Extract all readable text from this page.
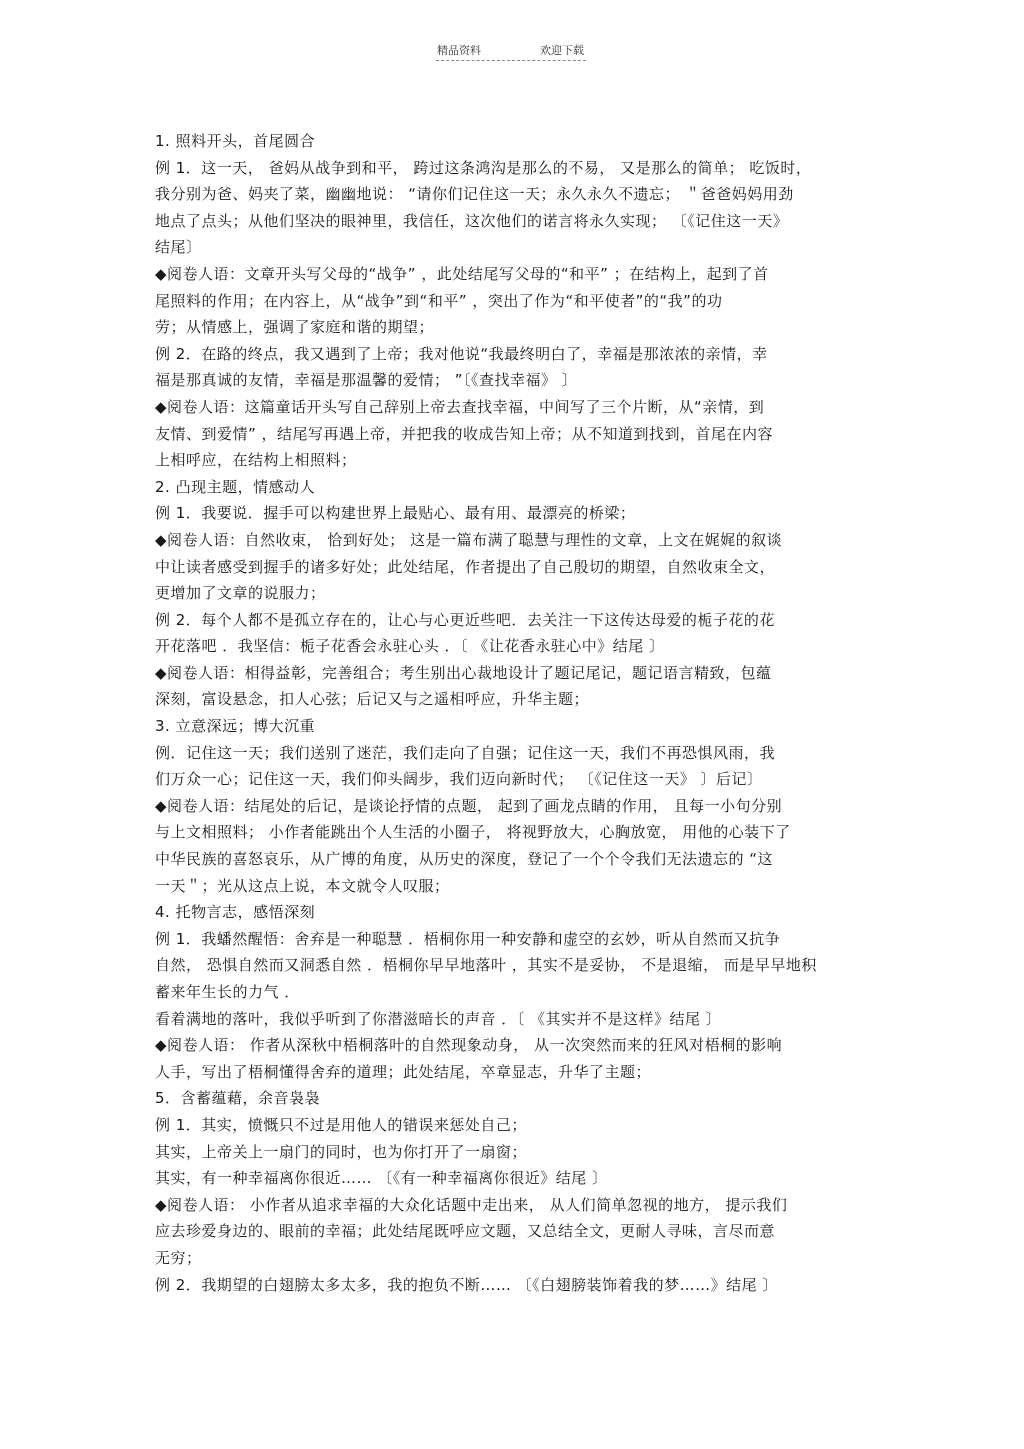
精品资料	欢迎下载
1. 照料开头，首尾圆合
例 1．这一天， 爸妈从战争到和平， 跨过这条鸿沟是那么的不易， 又是那么的简单； 吃饭时，
我分别为爸、妈夹了菜，幽幽地说： “请你们记住这一天；永久永久不遗忘； ＂爸爸妈妈用劲
地点了点头；从他们坚决的眼神里，我信任，这次他们的诺言将永久实现； 〔《记住这一天》
结尾〕
◆阅卷人语：文章开头写父母的“战争” ，此处结尾写父母的“和平” ；在结构上，起到了首
尾照料的作用；在内容上，从“战争”到“和平” ，突出了作为“和平使者”的“我”的功
劳；从情感上，强调了家庭和谐的期望；
例 2．在路的终点，我又遇到了上帝；我对他说“我最终明白了，幸福是那浓浓的亲情，幸
福是那真诚的友情，幸福是那温馨的爱情； ”〔《查找幸福》 〕
◆阅卷人语：这篇童话开头写自己辞别上帝去查找幸福，中间写了三个片断，从“亲情，到
友情、到爱情” ，结尾写再遇上帝，并把我的收成告知上帝；从不知道到找到，首尾在内容
上相呼应，在结构上相照料；
2. 凸现主题，情感动人
例 1．我要说．握手可以构建世界上最贴心、最有用、最漂亮的桥梁；
◆阅卷人语：自然收束， 恰到好处； 这是一篇布满了聪慧与理性的文章，上文在娓娓的叙谈
中让读者感受到握手的诸多好处；此处结尾，作者提出了自己殷切的期望，自然收束全文，
更增加了文章的说服力；
例 2．每个人都不是孤立存在的，让心与心更近些吧．去关注一下这传达母爱的栀子花的花
开花落吧 ．我坚信：栀子花香会永驻心头 ．〔 《让花香永驻心中》结尾 〕
◆阅卷人语：相得益彰，完善组合；考生别出心裁地设计了题记尾记，题记语言精致，包蕴
深刻，富设悬念，扣人心弦；后记又与之遥相呼应，升华主题；
3. 立意深远；博大沉重
例．记住这一天；我们送别了迷茫，我们走向了自强；记住这一天，我们不再恐惧风雨，我
们万众一心；记住这一天，我们仰头阔步，我们迈向新时代； 〔《记住这一天》 〕后记〕
◆阅卷人语：结尾处的后记，是谈论抒情的点题， 起到了画龙点睛的作用， 且每一小句分别
与上文相照料； 小作者能跳出个人生活的小圈子， 将视野放大，心胸放宽， 用他的心装下了
中华民族的喜怒哀乐，从广博的角度，从历史的深度，登记了一个个令我们无法遗忘的 “这
一天＂；光从这点上说，本文就令人叹服；
4. 托物言志，感悟深刻
例 1．我蟠然醒悟：舍弃是一种聪慧 ．梧桐你用一种安静和虚空的玄妙，听从自然而又抗争
自然， 恐惧自然而又洞悉自然 ．梧桐你早早地落叶 ，其实不是妥协， 不是退缩， 而是早早地积
蓄来年生长的力气 ．
看着满地的落叶，我似乎听到了你潜滋暗长的声音 ．〔 《其实并不是这样》结尾 〕
◆阅卷人语： 作者从深秋中梧桐落叶的自然现象动身， 从一次突然而来的狂风对梧桐的影响
人手，写出了梧桐懂得舍弃的道理；此处结尾，卒章显志，升华了主题；
5．含蓄蕴藉，余音袅袅
例 1．其实，愤慨只不过是用他人的错误来惩处自己；
其实，上帝关上一扇门的同时，也为你打开了一扇窗；
其实，有一种幸福离你很近…… 〔《有一种幸福离你很近》结尾 〕
◆阅卷人语： 小作者从追求幸福的大众化话题中走出来， 从人们简单忽视的地方， 提示我们
应去珍爱身边的、眼前的幸福；此处结尾既呼应文题，又总结全文，更耐人寻味，言尽而意
无穷；
例 2．我期望的白翅膀太多太多，我的抱负不断…… 〔《白翅膀装饰着我的梦……》结尾 〕
